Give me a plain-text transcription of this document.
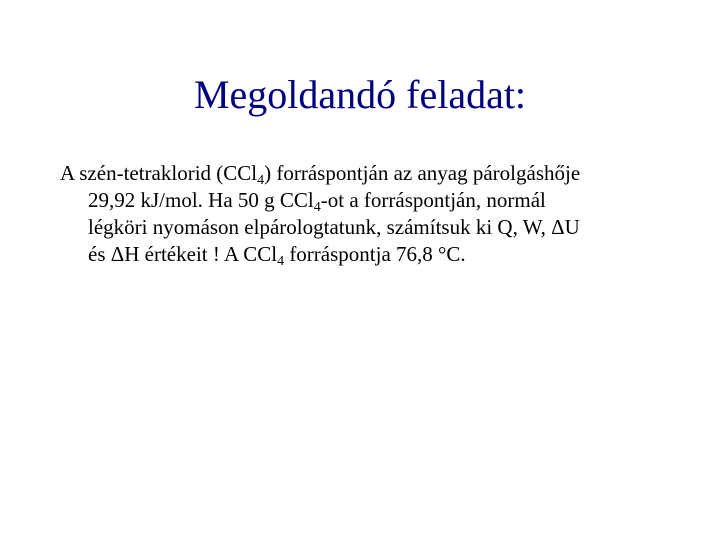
Megoldandó feladat:
A szén-tetraklorid (CCl$_4$) forráspontján az anyag párolgáshője
29,92 kJ/mol. Ha 50 g CCl$_4$-ot a forráspontján, normál
légköri nyomáson elpárologtatunk, számítsuk ki Q, W, ΔU
és ΔH értékeit ! A CCl$_4$ forráspontja 76,8 °C.
